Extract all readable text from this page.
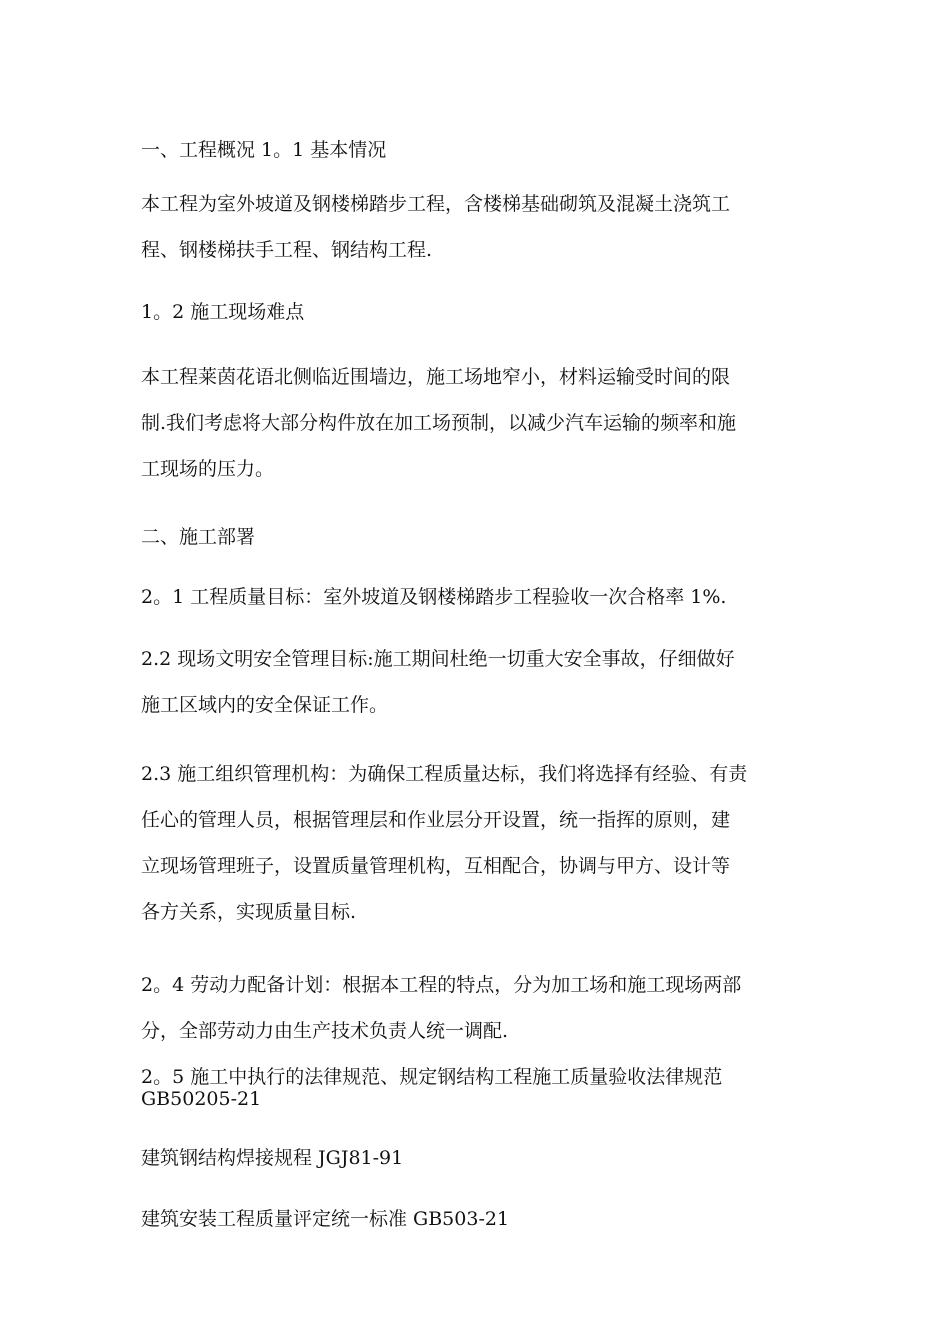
一、工程概况 1。1 基本情况

本工程为室外坡道及钢楼梯踏步工程，含楼梯基础砌筑及混凝土浇筑工
程、钢楼梯扶手工程、钢结构工程.

1。2 施工现场难点

本工程莱茵花语北侧临近围墙边，施工场地窄小，材料运输受时间的限
制.我们考虑将大部分构件放在加工场预制，以减少汽车运输的频率和施
工现场的压力。

二、施工部署

2。1 工程质量目标：室外坡道及钢楼梯踏步工程验收一次合格率 1%.

2.2 现场文明安全管理目标:施工期间杜绝一切重大安全事故，仔细做好
施工区域内的安全保证工作。

2.3 施工组织管理机构：为确保工程质量达标，我们将选择有经验、有责
任心的管理人员，根据管理层和作业层分开设置，统一指挥的原则，建
立现场管理班子，设置质量管理机构，互相配合，协调与甲方、设计等
各方关系，实现质量目标.

2。4 劳动力配备计划：根据本工程的特点，分为加工场和施工现场两部
分，全部劳动力由生产技术负责人统一调配.

2。5 施工中执行的法律规范、规定钢结构工程施工质量验收法律规范
GB50205-21

建筑钢结构焊接规程 JGJ81-91

建筑安装工程质量评定统一标准 GB503-21
